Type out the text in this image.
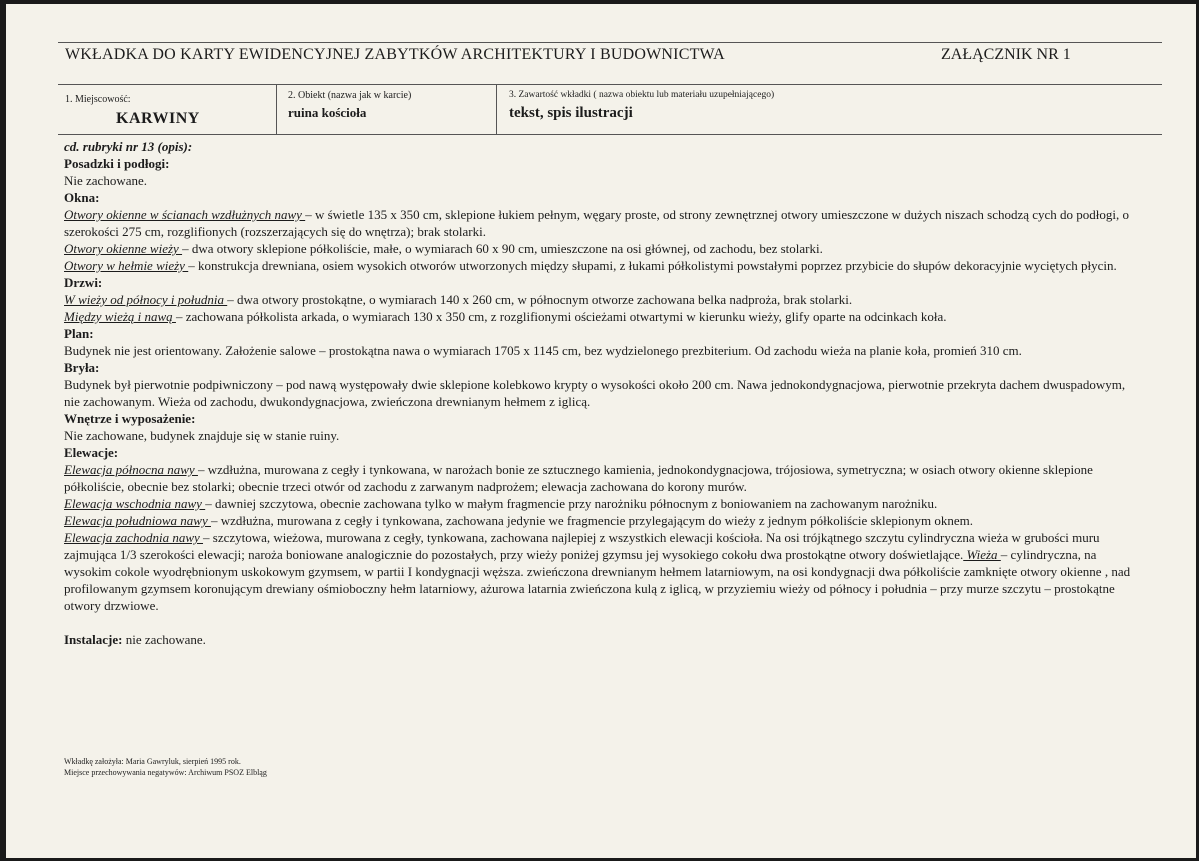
WKŁADKA DO KARTY EWIDENCYJNEJ ZABYTKÓW ARCHITEKTURY I BUDOWNICTWA	ZAŁĄCZNIK NR 1
1. Miejscowość:
KARWINY
2. Obiekt (nazwa jak w karcie)
ruina kościoła
3. Zawartość wkładki ( nazwa obiektu lub materiału uzupełniającego)
tekst, spis ilustracji

cd. rubryki nr 13 (opis):

Posadzki i podłogi:

Nie zachowane.

Okna:

Otwory okienne w ścianach wzdłużnych nawy – w świetle 135 x 350 cm, sklepione łukiem pełnym, węgary proste, od strony zewnętrznej otwory umieszczone w dużych niszach schodzą cych do podłogi, o szerokości 275 cm, rozglifionych (rozszerzających się do wnętrza); brak stolarki.

Otwory okienne wieży – dwa otwory sklepione półkoliście, małe, o wymiarach 60 x 90 cm, umieszczone na osi głównej, od zachodu, bez stolarki.

Otwory w hełmie wieży – konstrukcja drewniana, osiem wysokich otworów utworzonych między słupami, z łukami półkolistymi powstałymi poprzez przybicie do słupów dekoracyjnie wyciętych płycin.

Drzwi:

W wieży od północy i południa – dwa otwory prostokątne, o wymiarach 140 x 260 cm, w północnym otworze zachowana belka nadproża, brak stolarki.

Między wieżą i nawą – zachowana półkolista arkada, o wymiarach 130 x 350 cm, z rozglifionymi ościeżami otwartymi w kierunku wieży, glify oparte na odcinkach koła.

Plan:

Budynek nie jest orientowany. Założenie salowe – prostokątna nawa o wymiarach 1705 x 1145 cm, bez wydzielonego prezbiterium. Od zachodu wieża na planie koła, promień 310 cm.

Bryła:

Budynek był pierwotnie podpiwniczony – pod nawą występowały dwie sklepione kolebkowo krypty o wysokości około 200 cm. Nawa jednokondygnacjowa, pierwotnie przekryta dachem dwuspadowym, nie zachowanym. Wieża od zachodu, dwukondygnacjowa, zwieńczona drewnianym hełmem z iglicą.

Wnętrze i wyposażenie:

Nie zachowane, budynek znajduje się w stanie ruiny.

Elewacje:

Elewacja północna nawy – wzdłużna, murowana z cegły i tynkowana, w narożach bonie ze sztucznego kamienia, jednokondygnacjowa, trójosiowa, symetryczna; w osiach otwory okienne sklepione półkoliście, obecnie bez stolarki; obecnie trzeci otwór od zachodu z zarwanym nadprożem; elewacja zachowana do korony murów.

Elewacja wschodnia nawy – dawniej szczytowa, obecnie zachowana tylko w małym fragmencie przy narożniku północnym z boniowaniem na zachowanym narożniku.

Elewacja południowa nawy – wzdłużna, murowana z cegły i tynkowana, zachowana jedynie we fragmencie przylegającym do wieży z jednym półkoliście sklepionym oknem.

Elewacja zachodnia nawy – szczytowa, wieżowa, murowana z cegły, tynkowana, zachowana najlepiej z wszystkich elewacji kościoła. Na osi trójkątnego szczytu cylindryczna wieża w grubości muru zajmująca 1/3 szerokości elewacji; naroża boniowane analogicznie do pozostałych, przy wieży poniżej gzymsu jej wysokiego cokołu dwa prostokątne otwory doświetlające. Wieża – cylindryczna, na wysokim cokole wyodrębnionym uskokowym gzymsem, w partii I kondygnacji węższa. zwieńczona drewnianym hełmem latarniowym, na osi kondygnacji dwa półkoliście zamknięte otwory okienne , nad profilowanym gzymsem koronującym drewiany ośmioboczny hełm latarniowy, ażurowa latarnia zwieńczona kulą z iglicą, w przyziemiu wieży od północy i południa – przy murze szczytu – prostokątne otwory drzwiowe.

Instalacje: nie zachowane.

Wkładkę założyła: Maria Gawryluk, sierpień 1995 rok.
Miejsce przechowywania negatywów: Archiwum PSOZ Elbląg
